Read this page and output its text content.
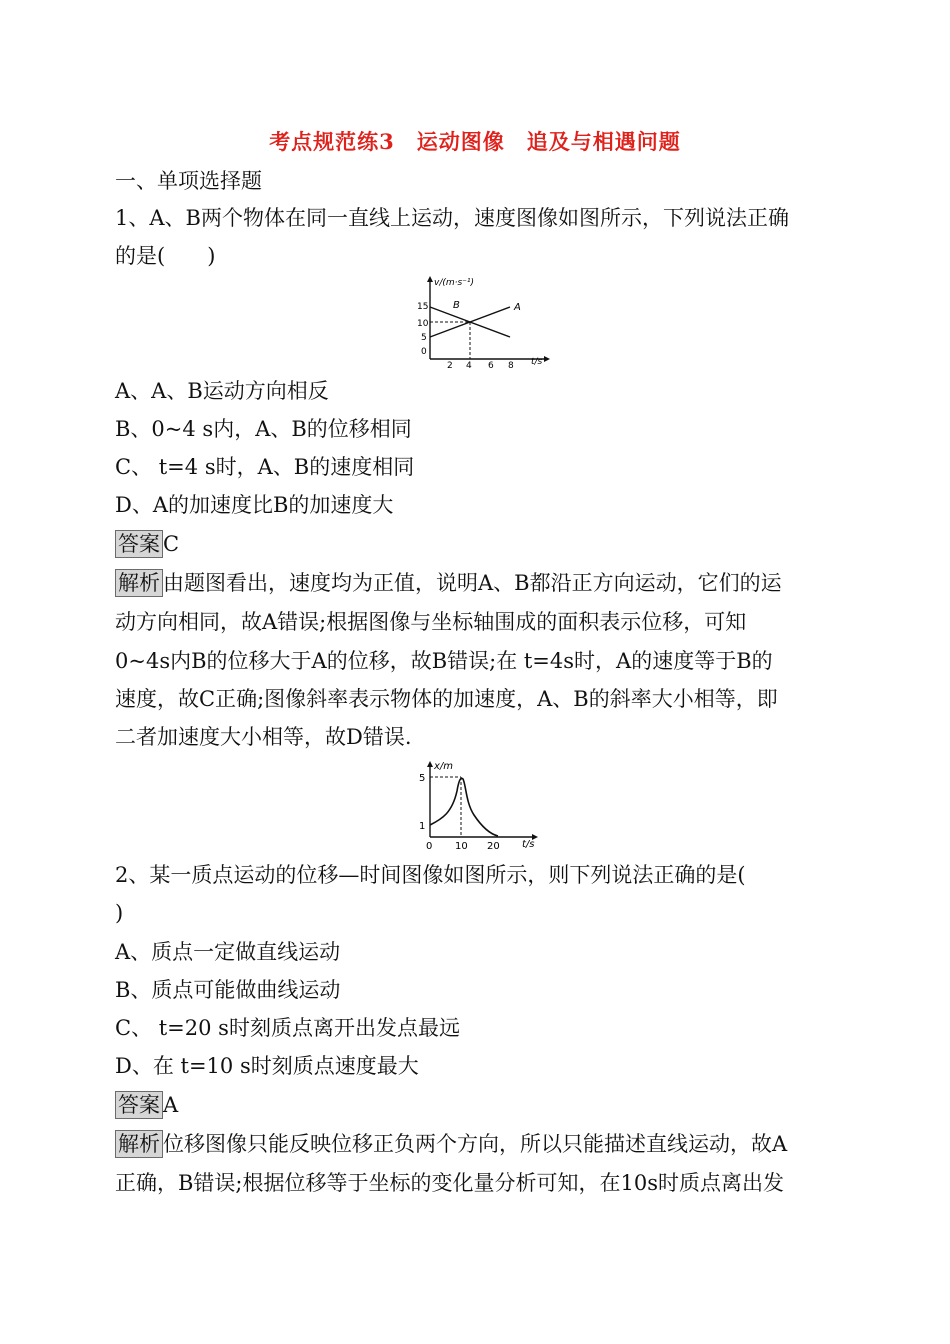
考点规范练3　运动图像　追及与相遇问题
一、单项选择题
1、A、B两个物体在同一直线上运动，速度图像如图所示，下列说法正确
的是(　　)
v/(m·s⁻¹)
t/s
15
10
5
0
2 4 6 8
A
B
A、A、B运动方向相反
B、0~4 s内，A、B的位移相同
C、 t=4 s时，A、B的速度相同
D、A的加速度比B的加速度大
答案 C
解析 由题图看出，速度均为正值，说明A、B都沿正方向运动，它们的运
动方向相同，故A错误;根据图像与坐标轴围成的面积表示位移，可知
0~4s内B的位移大于A的位移，故B错误;在 t=4s时，A的速度等于B的
速度，故C正确;图像斜率表示物体的加速度，A、B的斜率大小相等，即
二者加速度大小相等，故D错误.
x/m
t/s
5
1
0 10 20
2、某一质点运动的位移—时间图像如图所示，则下列说法正确的是(
)
A、质点一定做直线运动
B、质点可能做曲线运动
C、 t=20 s时刻质点离开出发点最远
D、在 t=10 s时刻质点速度最大
答案 A
解析 位移图像只能反映位移正负两个方向，所以只能描述直线运动，故A
正确，B错误;根据位移等于坐标的变化量分析可知，在10s时质点离出发
